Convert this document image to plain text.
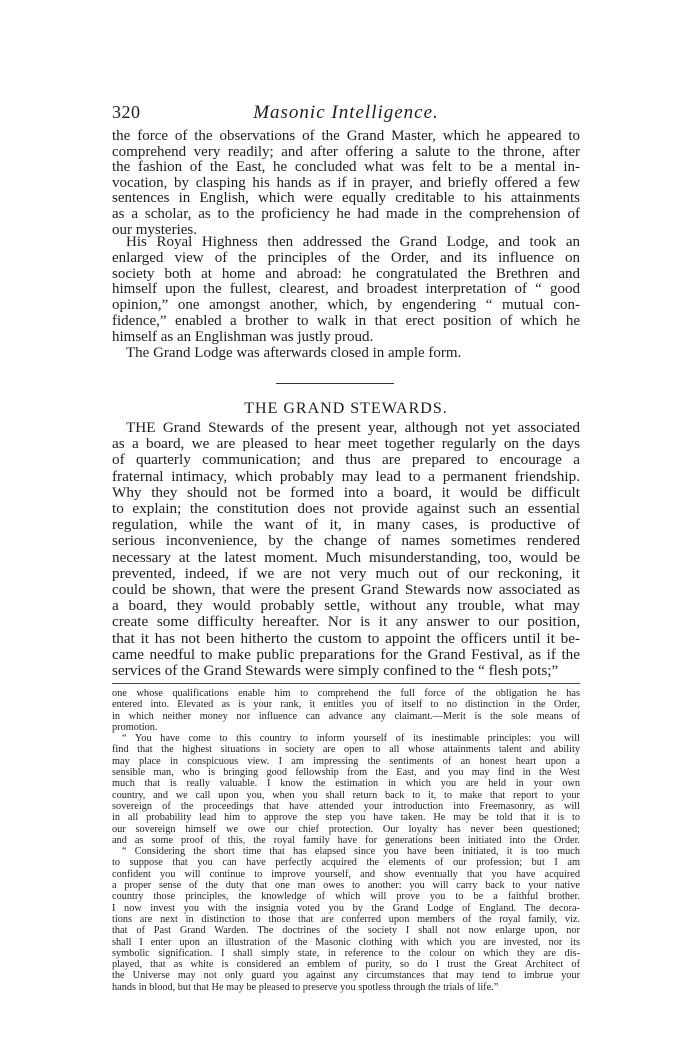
320	Masonic Intelligence.
the force of the observations of the Grand Master, which he appeared to
comprehend very readily; and after offering a salute to the throne, after
the fashion of the East, he concluded what was felt to be a mental in-
vocation, by clasping his hands as if in prayer, and briefly offered a few
sentences in English, which were equally creditable to his attainments
as a scholar, as to the proficiency he had made in the comprehension of
our mysteries.
His Royal Highness then addressed the Grand Lodge, and took an
enlarged view of the principles of the Order, and its influence on
society both at home and abroad: he congratulated the Brethren and
himself upon the fullest, clearest, and broadest interpretation of “ good
opinion,” one amongst another, which, by engendering “ mutual con-
fidence,” enabled a brother to walk in that erect position of which he
himself as an Englishman was justly proud.
The Grand Lodge was afterwards closed in ample form.
THE GRAND STEWARDS.
THE Grand Stewards of the present year, although not yet associated
as a board, we are pleased to hear meet together regularly on the days
of quarterly communication; and thus are prepared to encourage a
fraternal intimacy, which probably may lead to a permanent friendship.
Why they should not be formed into a board, it would be difficult
to explain; the constitution does not provide against such an essential
regulation, while the want of it, in many cases, is productive of
serious inconvenience, by the change of names sometimes rendered
necessary at the latest moment. Much misunderstanding, too, would be
prevented, indeed, if we are not very much out of our reckoning, it
could be shown, that were the present Grand Stewards now associated as
a board, they would probably settle, without any trouble, what may
create some difficulty hereafter. Nor is it any answer to our position,
that it has not been hitherto the custom to appoint the officers until it be-
came needful to make public preparations for the Grand Festival, as if the
services of the Grand Stewards were simply confined to the “ flesh pots;”
one whose qualifications enable him to comprehend the full force of the obligation he has
entered into. Elevated as is your rank, it entitles you of itself to no distinction in the Order,
in which neither money nor influence can advance any claimant.—Merit is the sole means of
promotion.
“ You have come to this country to inform yourself of its inestimable principles: you will
find that the highest situations in society are open to all whose attainments talent and ability
may place in conspicuous view. I am impressing the sentiments of an honest heart upon a
sensible man, who is bringing good fellowship from the East, and you may find in the West
much that is really valuable. I know the estimation in which you are held in your own
country, and we call upon you, when you shall return back to it, to make that report to your
sovereign of the proceedings that have attended your introduction into Freemasonry, as will
in all probability lead him to approve the step you have taken. He may be told that it is to
our sovereign himself we owe our chief protection. Our loyalty has never been questioned;
and as some proof of this, the royal family have for generations been initiated into the Order.
“ Considering the short time that has elapsed since you have been initiated, it is too much
to suppose that you can have perfectly acquired the elements of our profession; but I am
confident you will continue to improve yourself, and show eventually that you have acquired
a proper sense of the duty that one man owes to another: you will carry back to your native
country those principles, the knowledge of which will prove you to be a faithful brother.
I now invest you with the insignia voted you by the Grand Lodge of England. The decora-
tions are next in distinction to those that are conferred upon members of the royal family, viz.
that of Past Grand Warden. The doctrines of the society I shall not now enlarge upon, nor
shall I enter upon an illustration of the Masonic clothing with which you are invested, nor its
symbolic signification. I shall simply state, in reference to the colour on which they are dis-
played, that as white is considered an emblem of purity, so do I trust the Great Architect of
the Universe may not only guard you against any circumstances that may tend to imbrue your
hands in blood, but that He may be pleased to preserve you spotless through the trials of life.”
